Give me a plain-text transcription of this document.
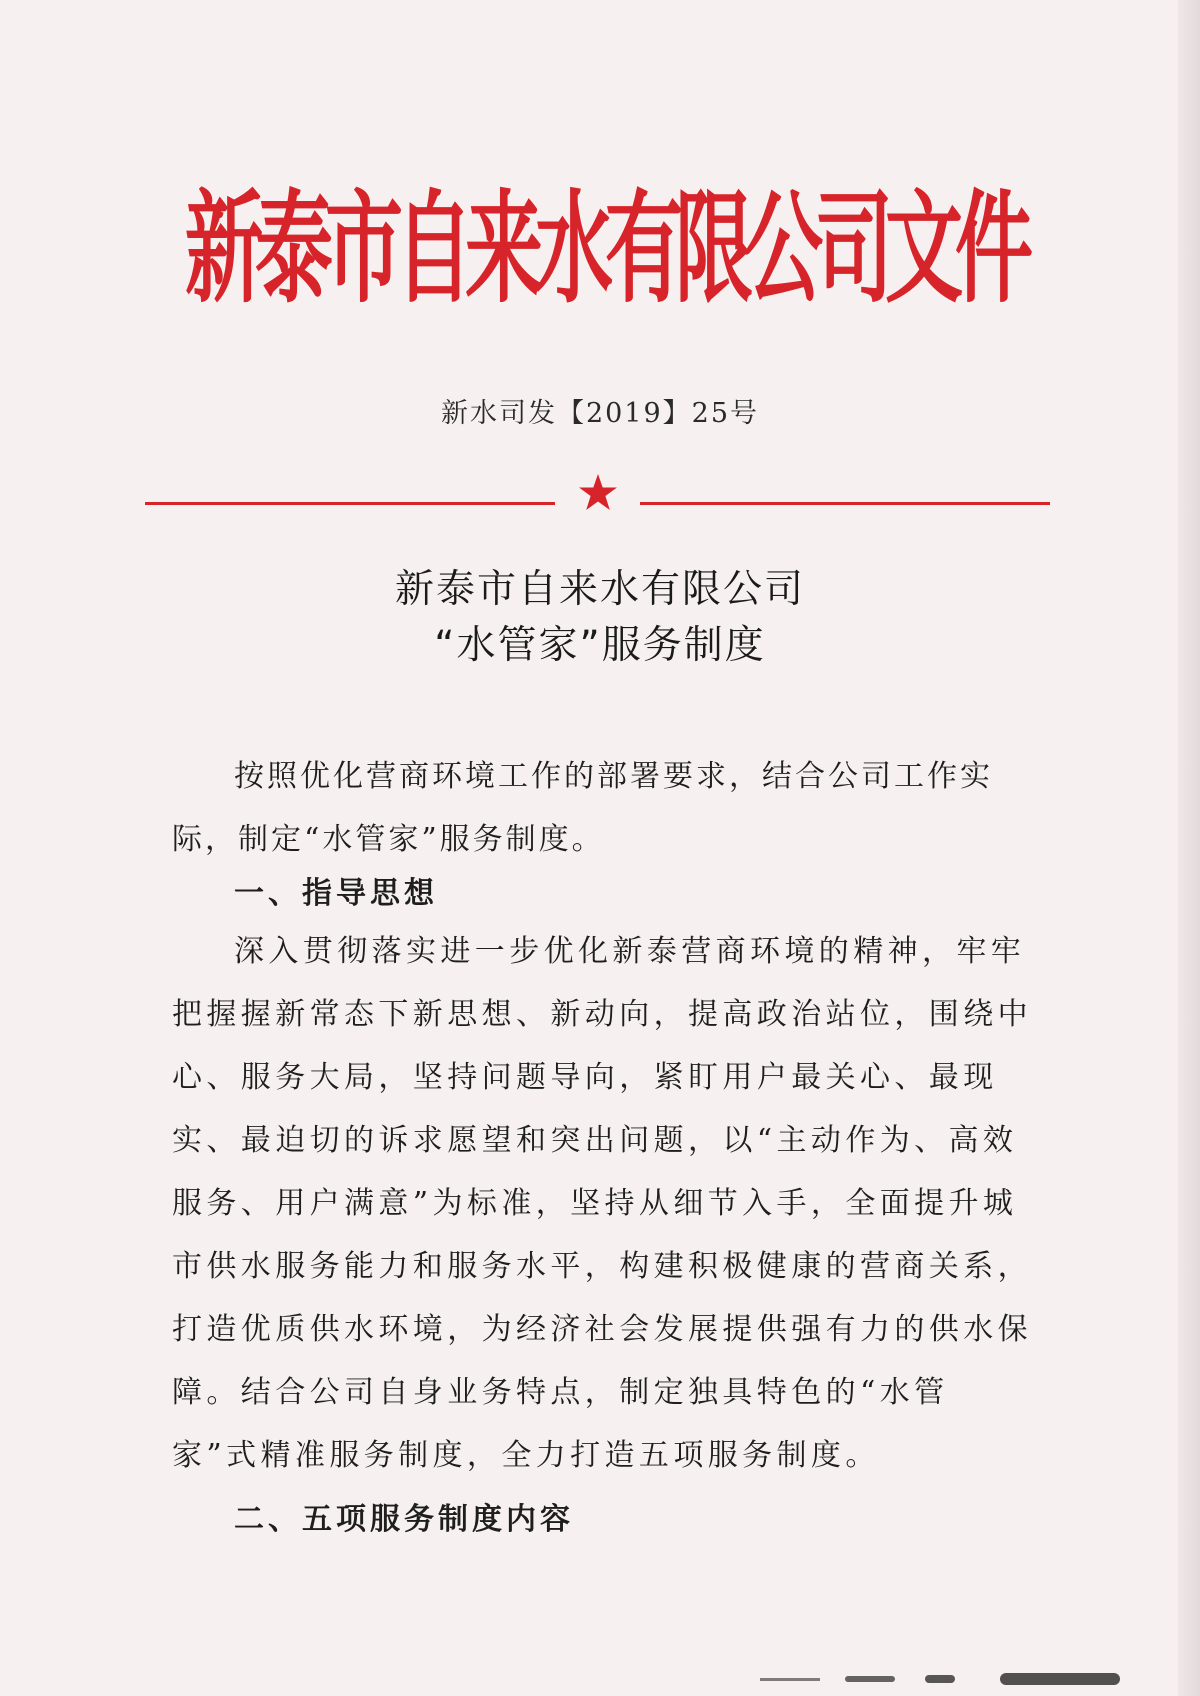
新泰市自来水有限公司文件
新水司发【2019】25号
新泰市自来水有限公司
“水管家”服务制度
按照优化营商环境工作的部署要求，结合公司工作实际，制定“水管家”服务制度。
一、指导思想
深入贯彻落实进一步优化新泰营商环境的精神，牢牢把握握新常态下新思想、新动向，提高政治站位，围绕中心、服务大局，坚持问题导向，紧盯用户最关心、最现实、最迫切的诉求愿望和突出问题，以“主动作为、高效服务、用户满意”为标准，坚持从细节入手，全面提升城市供水服务能力和服务水平，构建积极健康的营商关系，打造优质供水环境，为经济社会发展提供强有力的供水保障。结合公司自身业务特点，制定独具特色的“水管家”式精准服务制度，全力打造五项服务制度。
二、五项服务制度内容
